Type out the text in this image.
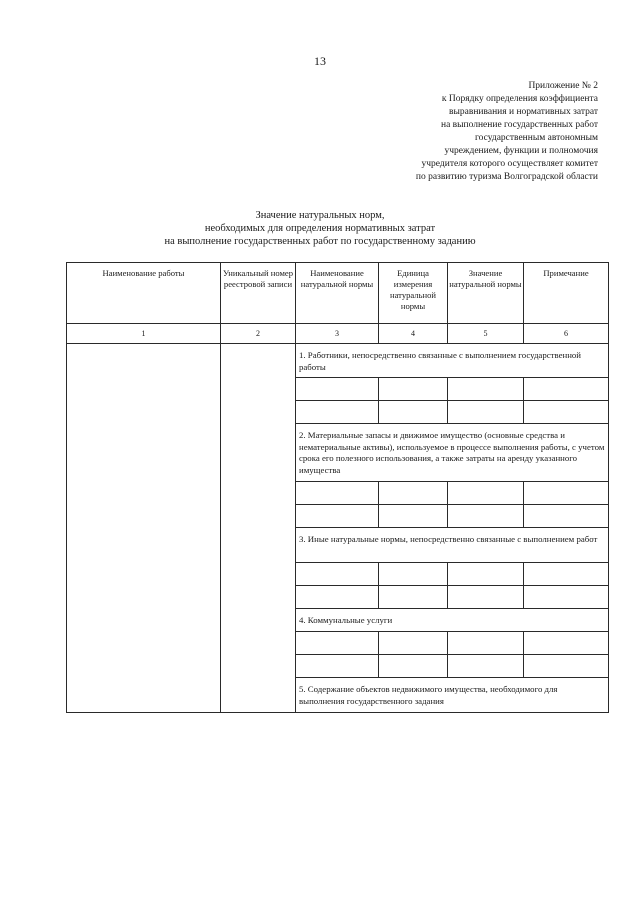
13
Приложение № 2
к Порядку определения коэффициента
выравнивания и нормативных затрат
на выполнение государственных работ
государственным автономным
учреждением, функции и полномочия
учредителя которого осуществляет комитет
по развитию туризма Волгоградской области
Значение натуральных норм,
необходимых для определения нормативных затрат
на выполнение государственных работ по государственному заданию
Наименование работы	Уникальный номер реестровой записи	Наименование натуральной нормы	Единица измерения натуральной нормы	Значение натуральной нормы	Примечание
1	2	3	4	5	6
		1. Работники, непосредственно связанные с выполнением государственной работы			

		2. Материальные запасы и движимое имущество (основные средства и нематериальные активы), используемое в процессе выполнения работы, с учетом срока его полезного использования, а также затраты на аренду указанного имущества			

		3. Иные натуральные нормы, непосредственно связанные с выполнением работ			

		4. Коммунальные услуги			

		5. Содержание объектов недвижимого имущества, необходимого для выполнения государственного задания			
